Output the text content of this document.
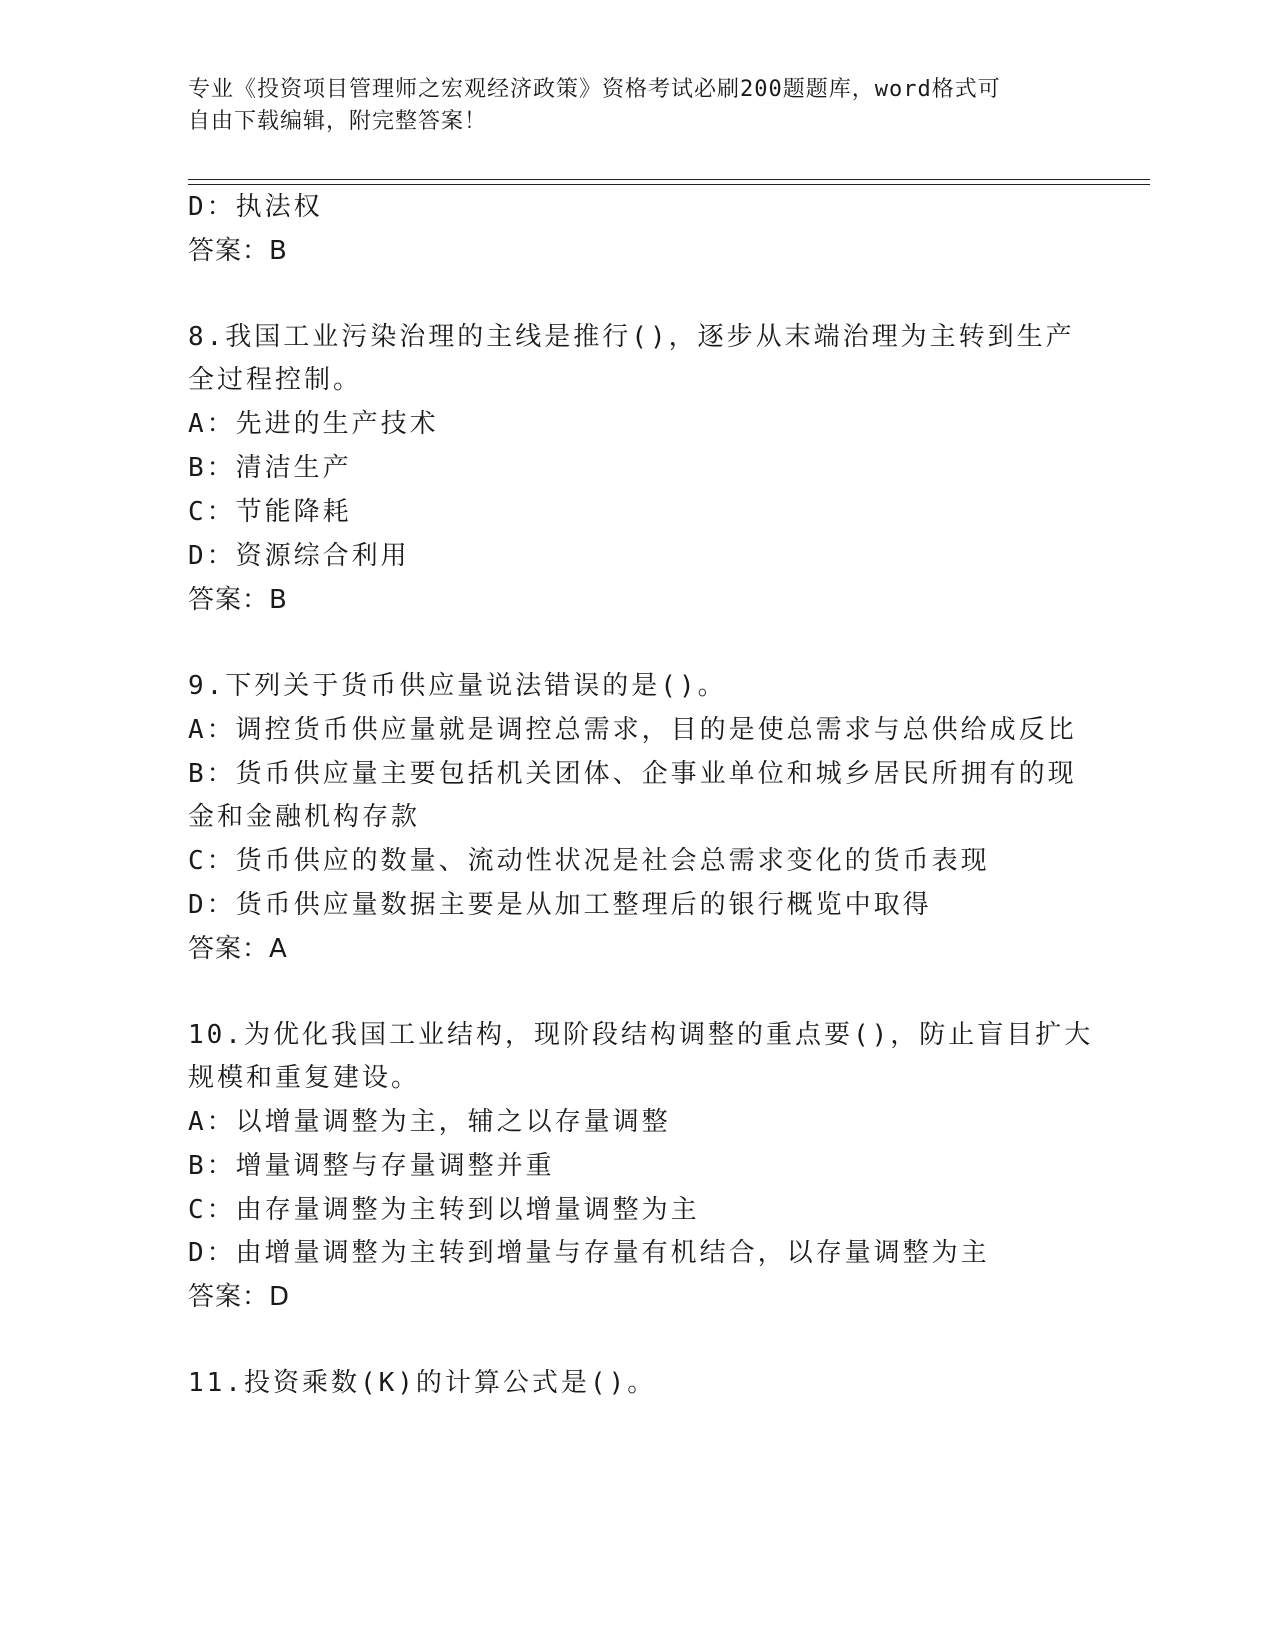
专业《投资项目管理师之宏观经济政策》资格考试必刷200题题库，word格式可
自由下载编辑，附完整答案！
D：执法权
答案：B
8.我国工业污染治理的主线是推行()，逐步从末端治理为主转到生产
全过程控制。
A：先进的生产技术
B：清洁生产
C：节能降耗
D：资源综合利用
答案：B
9.下列关于货币供应量说法错误的是()。
A：调控货币供应量就是调控总需求，目的是使总需求与总供给成反比
B：货币供应量主要包括机关团体、企事业单位和城乡居民所拥有的现
金和金融机构存款
C：货币供应的数量、流动性状况是社会总需求变化的货币表现
D：货币供应量数据主要是从加工整理后的银行概览中取得
答案：A
10.为优化我国工业结构，现阶段结构调整的重点要()，防止盲目扩大
规模和重复建设。
A：以增量调整为主，辅之以存量调整
B：增量调整与存量调整并重
C：由存量调整为主转到以增量调整为主
D：由增量调整为主转到增量与存量有机结合，以存量调整为主
答案：D
11.投资乘数(K)的计算公式是()。
